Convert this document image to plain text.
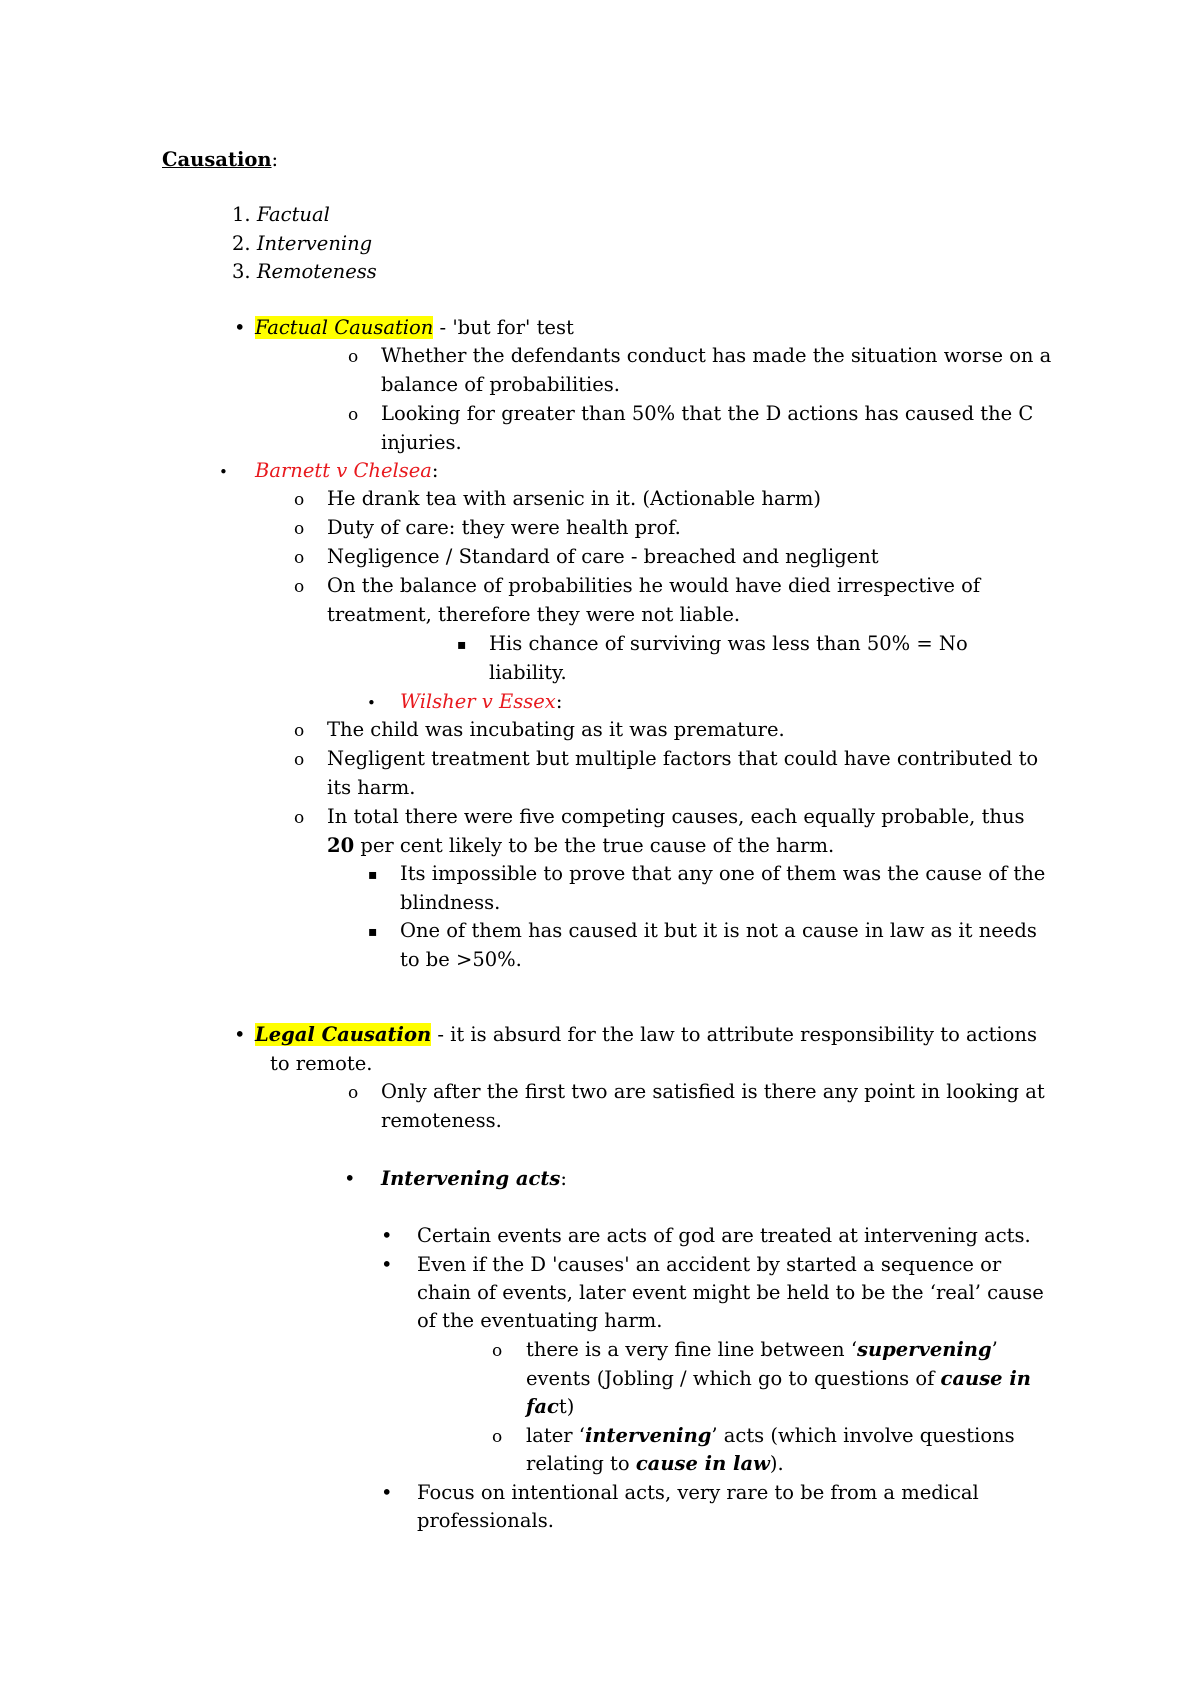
Causation:
1. Factual
2. Intervening
3. Remoteness
• Factual Causation - 'but for' test
o Whether the defendants conduct has made the situation worse on a
balance of probabilities.
o Looking for greater than 50% that the D actions has caused the C
injuries.
• Barnett v Chelsea:
o He drank tea with arsenic in it. (Actionable harm)
o Duty of care: they were health prof.
o Negligence / Standard of care - breached and negligent
o On the balance of probabilities he would have died irrespective of
treatment, therefore they were not liable.
▪ His chance of surviving was less than 50% = No
liability.
• Wilsher v Essex:
o The child was incubating as it was premature.
o Negligent treatment but multiple factors that could have contributed to
its harm.
o In total there were five competing causes, each equally probable, thus
20 per cent likely to be the true cause of the harm.
▪ Its impossible to prove that any one of them was the cause of the
blindness.
▪ One of them has caused it but it is not a cause in law as it needs
to be >50%.
• Legal Causation - it is absurd for the law to attribute responsibility to actions
to remote.
o Only after the first two are satisfied is there any point in looking at
remoteness.
• Intervening acts:
• Certain events are acts of god are treated at intervening acts.
• Even if the D 'causes' an accident by started a sequence or
chain of events, later event might be held to be the ‘real’ cause
of the eventuating harm.
o there is a very fine line between ‘supervening’
events (Jobling / which go to questions of cause in
fact)
o later ‘intervening’ acts (which involve questions
relating to cause in law).
• Focus on intentional acts, very rare to be from a medical
professionals.
